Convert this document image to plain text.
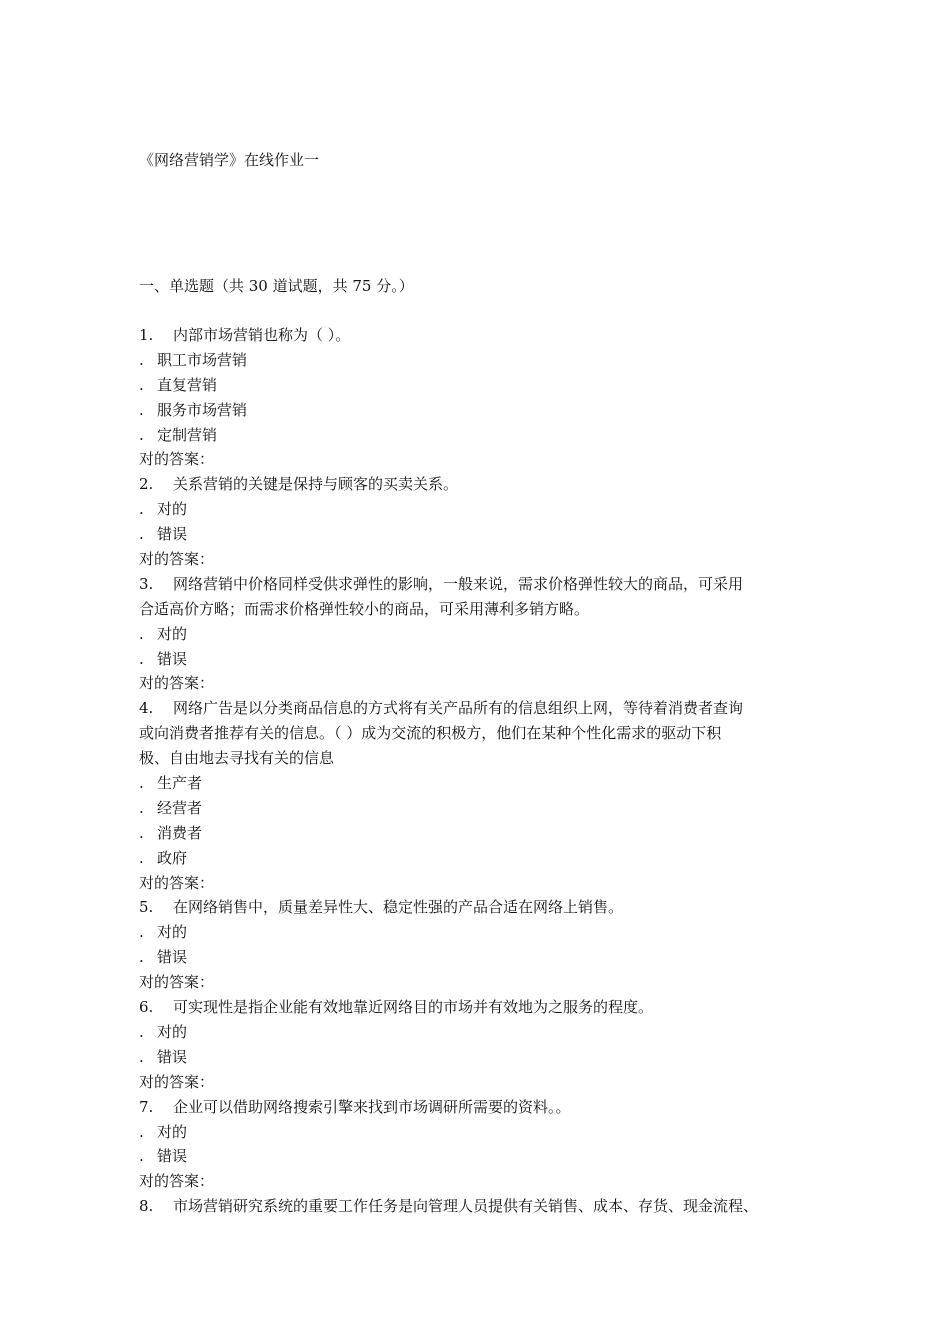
《网络营销学》在线作业一
一、单选题（共 30 道试题，共 75 分。）
1. 内部市场营销也称为（ ）。
. 职工市场营销
. 直复营销
. 服务市场营销
. 定制营销
对的答案：
2. 关系营销的关键是保持与顾客的买卖关系。
. 对的
. 错误
对的答案：
3. 网络营销中价格同样受供求弹性的影响，一般来说，需求价格弹性较大的商品，可采用
合适高价方略；而需求价格弹性较小的商品，可采用薄利多销方略。
. 对的
. 错误
对的答案：
4. 网络广告是以分类商品信息的方式将有关产品所有的信息组织上网，等待着消费者查询
或向消费者推荐有关的信息。（ ）成为交流的积极方，他们在某种个性化需求的驱动下积
极、自由地去寻找有关的信息
. 生产者
. 经营者
. 消费者
. 政府
对的答案：
5. 在网络销售中，质量差异性大、稳定性强的产品合适在网络上销售。
. 对的
. 错误
对的答案：
6. 可实现性是指企业能有效地靠近网络目的市场并有效地为之服务的程度。
. 对的
. 错误
对的答案：
7. 企业可以借助网络搜索引擎来找到市场调研所需要的资料。。
. 对的
. 错误
对的答案：
8. 市场营销研究系统的重要工作任务是向管理人员提供有关销售、成本、存货、现金流程、
